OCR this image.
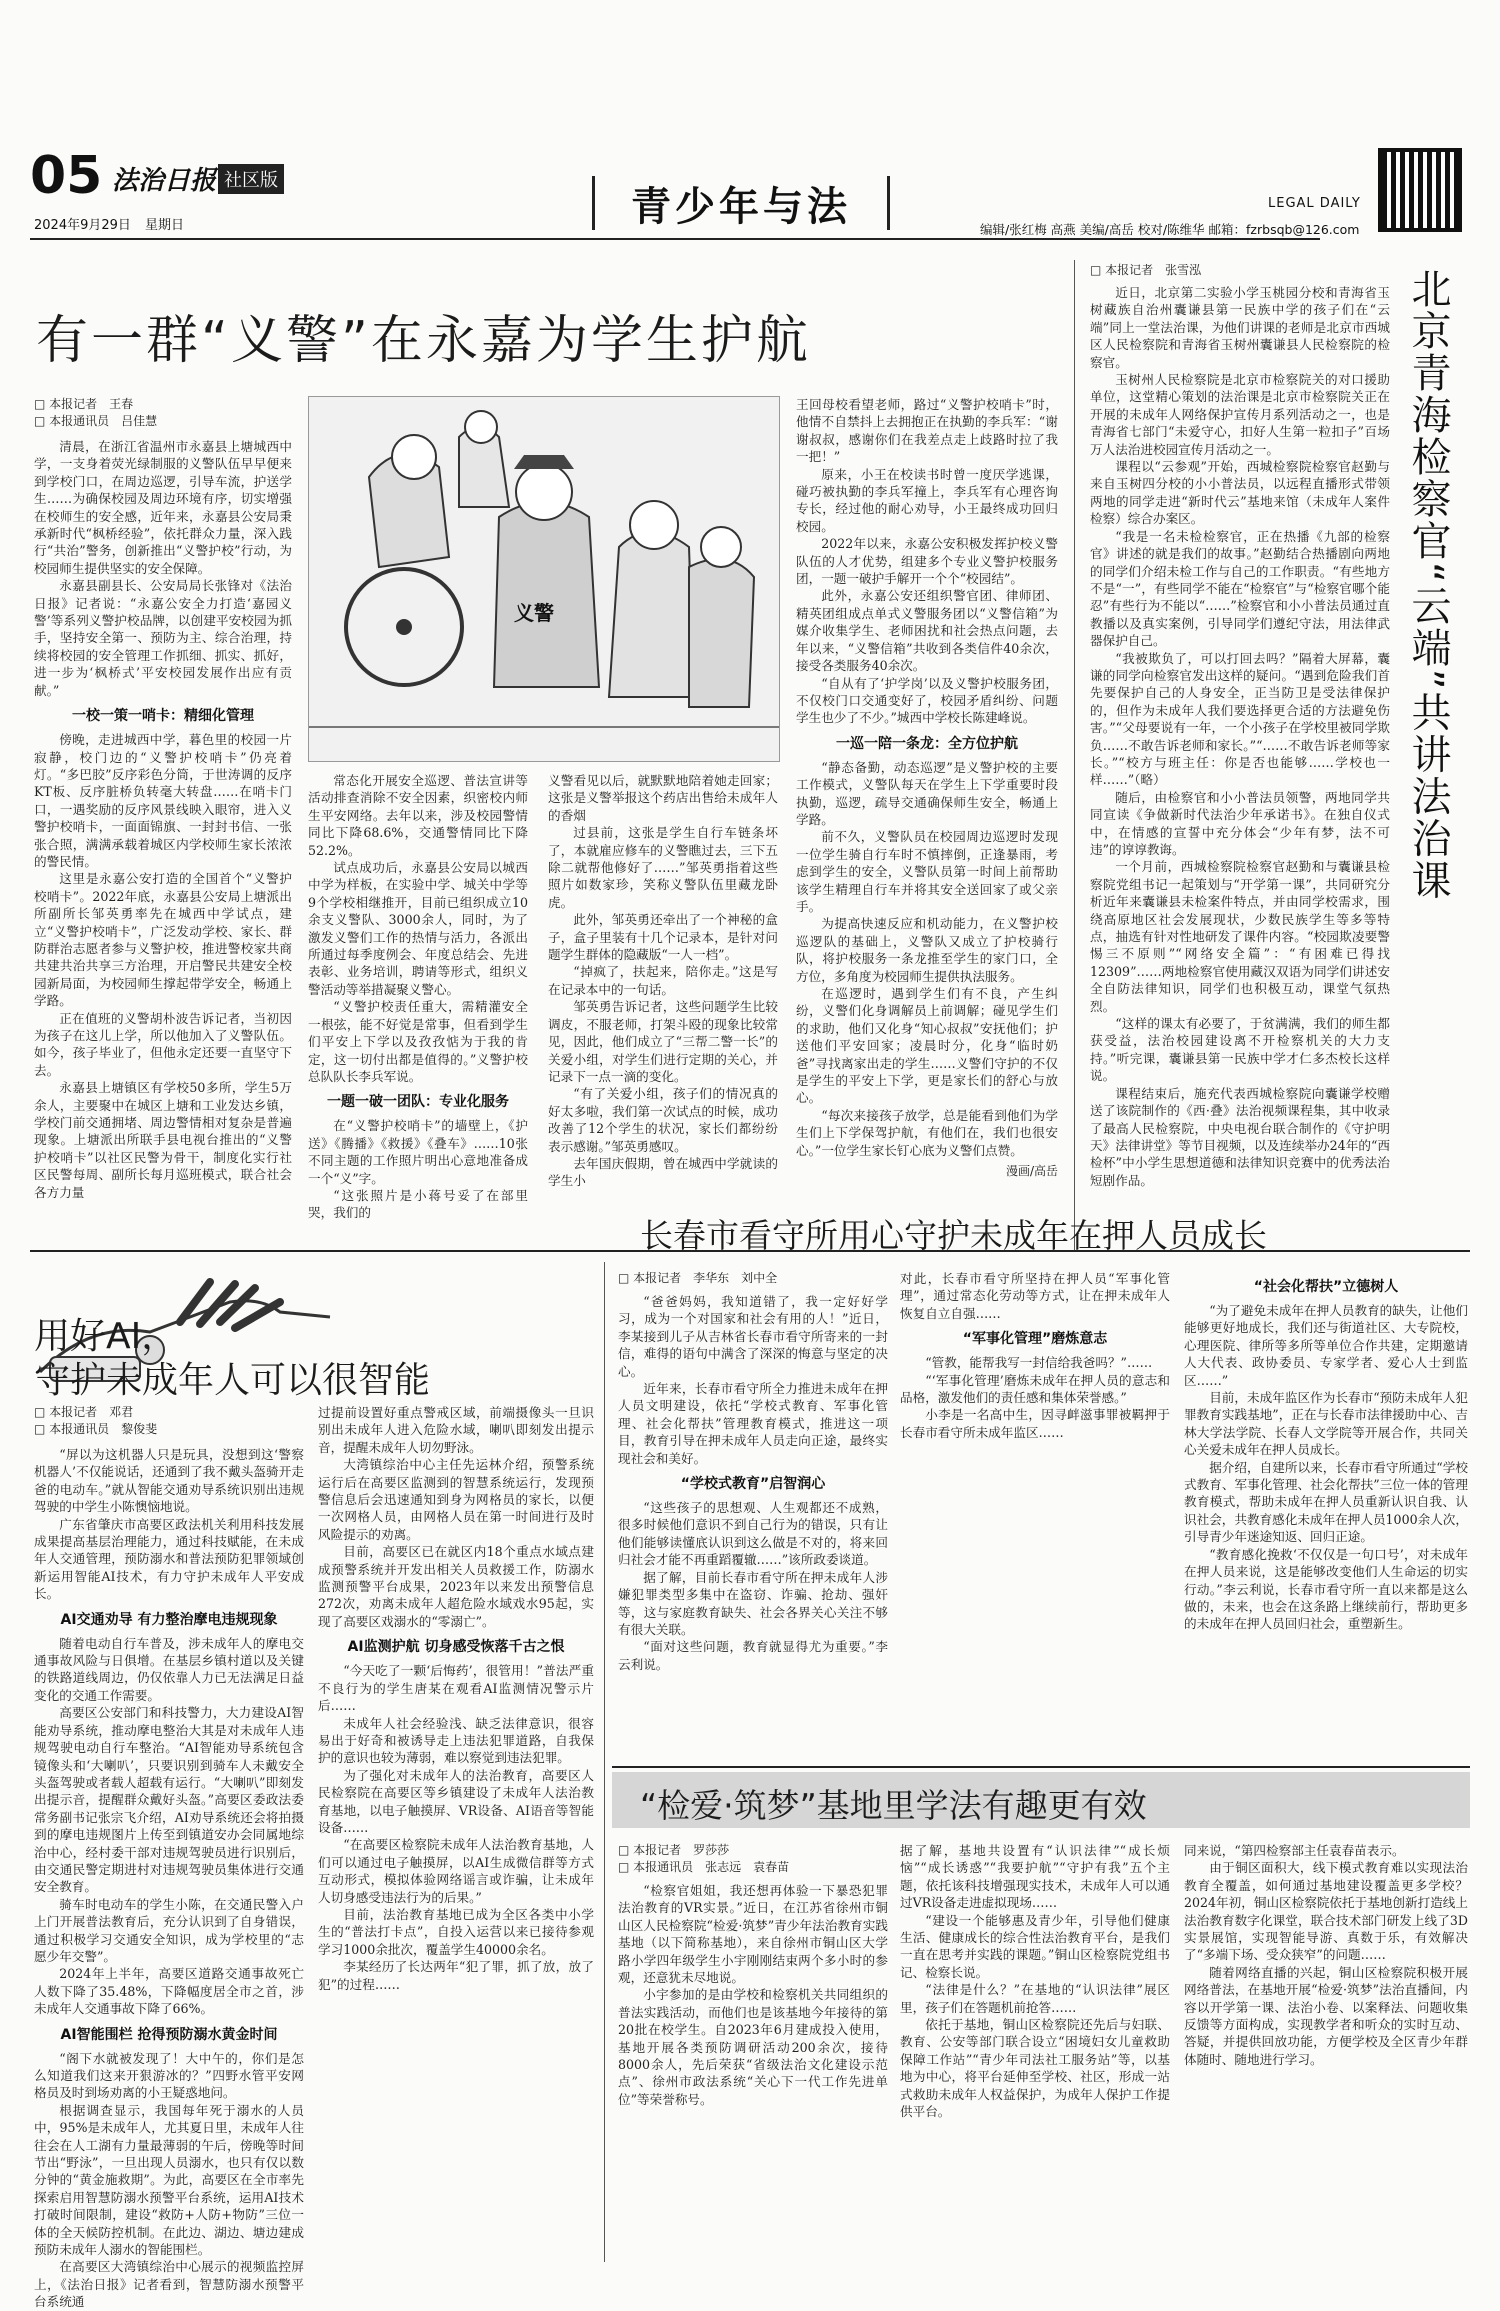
05 法治日报 社区版
2024年9月29日 星期日	青少年与法	LEGAL DAILY
编辑/张红梅 高燕 美编/高岳 校对/陈维华 邮箱：fzrbsqb@126.com
有一群“义警”在永嘉为学生护航
□ 本报记者　王春
□ 本报通讯员　吕佳慧

清晨，在浙江省温州市永嘉县上塘城西中学，一支身着荧光绿制服的义警队伍早早便来到学校门口，在周边巡逻，引导车流，护送学生……为确保校园及周边环境有序，切实增强在校师生的安全感，近年来，永嘉县公安局秉承新时代“枫桥经验”，依托群众力量，深入践行“共治”警务，创新推出“义警护校”行动，为校园师生提供坚实的安全保障。

永嘉县副县长、公安局局长张锋对《法治日报》记者说：“永嘉公安全力打造‘嘉园义警’等系列义警护校品牌，以创建平安校园为抓手，坚持安全第一、预防为主、综合治理，持续将校园的安全管理工作抓细、抓实、抓好，进一步为‘枫桥式’平安校园发展作出应有贡献。”

一校一策一哨卡：精细化管理

傍晚，走进城西中学，暮色里的校园一片寂静，校门边的“义警护校哨卡”仍亮着灯。“多巴胶”反序彩色分筒，于世涛调的反序KT板、反序脏桥负转毫大转盘……在哨卡门口，一遇奖励的反序风景线映入眼帘，进入义警护校哨卡，一面面锦旗、一封封书信、一张张合照，满满承载着城区内学校师生家长浓浓的警民情。

这里是永嘉公安打造的全国首个“义警护校哨卡”。2022年底，永嘉县公安局上塘派出所副所长邹英勇率先在城西中学试点，建立“义警护校哨卡”，广泛发动学校、家长、群防群治志愿者参与义警护校，推进警校家共商共建共治共享三方治理，开启警民共建安全校园新局面，为校园师生撑起带学安全，畅通上学路。

正在值班的义警胡朴波告诉记者，当初因为孩子在这儿上学，所以他加入了义警队伍。如今，孩子毕业了，但他永定还要一直坚守下去。

永嘉县上塘镇区有学校50多所，学生5万余人，主要聚中在城区上塘和工业发达乡镇，学校门前交通拥堵、周边警情相对复杂是普遍现象。上塘派出所联手县电视台推出的“义警护校哨卡”以社区民警为骨干，制度化实行社区民警每周、副所长每月巡班模式，联合社会各方力量

义警

常态化开展安全巡逻、普法宣讲等活动排查消除不安全因素，织密校内师生平安网络。去年以来，涉及校园警情同比下降68.6%，交通警情同比下降52.2%。

试点成功后，永嘉县公安局以城西中学为样板，在实验中学、城关中学等9个学校相继推开，目前已组织成立10余支义警队、3000余人，同时，为了激发义警们工作的热情与活力，各派出所通过每季度例会、年度总结会、先进表彰、业务培训，聘请等形式，组织义警活动等举措凝聚义警心。

“义警护校责任重大，需精灌安全一根弦，能不好觉是常事，但看到学生们平安上下学以及孜孜惦为于我的肯定，这一切付出都是值得的。”义警护校总队队长李兵军说。

一题一破一团队：专业化服务

在“义警护校哨卡”的墙壁上，《护送》《腾播》《救援》《叠车》……10张不同主题的工作照片明出心意地准备成一个“义”字。

“这张照片是小蒋号妥了在部里哭，我们的

义警看见以后，就默默地陪着她走回家；这张是义警举报这个药店出售给未成年人的香烟

过县前，这张是学生自行车链条坏了，本就雇应修车的义警瞧过去，三下五除二就帮他修好了……”邹英勇指着这些照片如数家珍，笑称义警队伍里藏龙卧虎。

此外，邹英勇还牵出了一个神秘的盒子，盒子里装有十几个记录本，是针对问题学生群体的隐藏版“一人一档”。

“掉疯了，扶起来，陪你走。”这是写在记录本中的一句话。

邹英勇告诉记者，这些问题学生比较调皮，不服老师，打架斗殴的现象比较常见，因此，他们成立了“三帮二警一长”的关爱小组，对学生们进行定期的关心，并记录下一点一滴的变化。

“有了关爱小组，孩子们的情况真的好太多啦，我们第一次试点的时候，成功改善了12个学生的状况，家长们都纷纷表示感谢。”邹英勇感叹。

去年国庆假期，曾在城西中学就读的学生小

王回母校看望老师，路过“义警护校哨卡”时，他情不自禁抖上去拥抱正在执勤的李兵军：“谢谢叔叔，感谢你们在我差点走上歧路时拉了我一把！”

原来，小王在校读书时曾一度厌学逃课，碰巧被执勤的李兵军撞上，李兵军有心理咨询专长，经过他的耐心劝导，小王最终成功回归校园。

2022年以来，永嘉公安积极发挥护校义警队伍的人才优势，组建多个专业义警护校服务团，一题一破护手解开一个个“校园结”。

此外，永嘉公安还组织警官团、律师团、精英团组成点单式义警服务团以“义警信箱”为媒介收集学生、老师困扰和社会热点问题，去年以来，“义警信箱”共收到各类信件40余次，接受各类服务40余次。

“自从有了‘护学岗’以及义警护校服务团，不仅校门口交通变好了，校园矛盾纠纷、问题学生也少了不少。”城西中学校长陈建峰说。

一巡一陪一条龙：全方位护航

“静态备勤，动态巡逻”是义警护校的主要工作模式，义警队每天在学生上下学重要时段执勤，巡逻，疏导交通确保师生安全，畅通上学路。

前不久，义警队员在校园周边巡逻时发现一位学生骑自行车时不慎摔倒，正逢暴雨，考虑到学生的安全，义警队员第一时间上前帮助该学生精理自行车并将其安全送回家了或父亲手。

为提高快速反应和机动能力，在义警护校巡逻队的基础上，义警队又成立了护校骑行队，将护校服务一条龙推至学生的家门口，全方位，多角度为校园师生提供执法服务。

在巡逻时，遇到学生们有不良，产生纠纷，义警们化身调解员上前调解；碰见学生们的求助，他们又化身“知心叔叔”安抚他们；护送他们平安回家；凌晨时分，化身“临时奶爸”寻找离家出走的学生……义警们守护的不仅是学生的平安上下学，更是家长们的舒心与放心。

“每次来接孩子放学，总是能看到他们为学生们上下学保驾护航，有他们在，我们也很安心。”一位学生家长钉心底为义警们点赞。

漫画/高岳
□ 本报记者　张雪泓

近日，北京第二实验小学玉桃园分校和青海省玉树藏族自治州囊谦县第一民族中学的孩子们在“云端”同上一堂法治课，为他们讲课的老师是北京市西城区人民检察院和青海省玉树州囊谦县人民检察院的检察官。

玉树州人民检察院是北京市检察院关的对口援助单位，这堂精心策划的法治课是北京市检察院关正在开展的未成年人网络保护宣传月系列活动之一，也是青海省七部门“未爱守心，扣好人生第一粒扣子”百场万人法治进校园宣传月活动之一。

课程以“云参观”开始，西城检察院检察官赵勤与来自玉树四分校的小小普法员，以远程直播形式带领两地的同学走进“新时代云”基地来馆（未成年人案件检察）综合办案区。

“我是一名未检检察官，正在热播《九部的检察官》讲述的就是我们的故事。”赵勤结合热播剧向两地的同学们介绍未检工作与自己的工作职责。“有些地方不是“一”，有些同学不能在“检察官”与“检察官哪个能忍”有些行为不能以“……”检察官和小小普法员通过直教播以及真实案例，引导同学们遵纪守法，用法律武器保护自己。

“我被欺负了，可以打回去吗？”隔着大屏幕，囊谦的同学向检察官发出这样的疑问。“遇到危险我们首先要保护自己的人身安全，正当防卫是受法律保护的，但作为未成年人我们要选择更合适的方法避免伤害。”“父母要说有一年，一个小孩子在学校里被同学欺负……不敢告诉老师和家长。”“……不敢告诉老师等家长。”“校方与班主任：你是否也能够……学校也一样……”（略）

随后，由检察官和小小普法员领警，两地同学共同宣读《争做新时代法治少年承诺书》。在独自仪式中，在情感的宣誓中充分体会“少年有梦，法不可违”的谆谆教诲。

一个月前，西城检察院检察官赵勤和与囊谦县检察院党组书记一起策划与“开学第一课”，共同研究分析近年来囊谦县未检案件特点，并由同学校需求，围绕高原地区社会发展现状，少数民族学生等多等特点，抽选有针对性地研发了课件内容。“校园欺凌要警惕三不原则”“网络安全篇”：“有困难已得找12309”……两地检察官使用藏汉双语为同学们讲述安全自防法律知识，同学们也积极互动，课堂气氛热烈。

“这样的课太有必要了，于贫满满，我们的师生都获受益，法治校园建设离不开检察机关的大力支持。”听完课，囊谦县第一民族中学才仁多杰校长这样说。

课程结束后，施充代表西城检察院向囊谦学校赠送了该院制作的《西·叠》法治视频课程集，其中收录了最高人民检察院，中央电视台联合制作的《守护明天》法律讲堂》等节目视频，以及连续举办24年的“西检杯”中小学生思想道德和法律知识竞赛中的优秀法治短剧作品。

北京青海检察官“云端”共讲法治课
用好AI，
守护未成年人可以很智能
□ 本报记者　邓君
□ 本报通讯员　黎俊斐

“屏以为这机器人只是玩具，没想到这‘警察机器人’不仅能说话，还通到了我不戴头盔骑开走爸的电动车。”就从智能交通劝导系统识别出违规驾驶的中学生小陈懊恼地说。

广东省肇庆市高要区政法机关利用科技发展成果提高基层治理能力，通过科技赋能，在未成年人交通管理，预防溺水和普法预防犯罪领域创新运用智能AI技术，有力守护未成年人平安成长。

AI交通劝导 有力整治摩电违规现象

随着电动自行车普及，涉未成年人的摩电交通事故风险与日俱增。在基层乡镇村道以及关键的铁路道线周边，仍仅依靠人力已无法满足日益变化的交通工作需要。

高要区公安部门和科技警力，大力建设AI智能劝导系统，推动摩电整治大其是对未成年人违规驾驶电动自行车整治。“AI智能劝导系统包含镜像头和‘大喇叭’，只要识别到骑车人未戴安全头盔驾驶或者载人超载有运行。“大喇叭”即刻发出提示音，提醒群众戴好头盔。”高要区委政法委常务副书记张宗飞介绍，AI劝导系统还会将拍摄到的摩电违规图片上传至到镇道安办会同属地综治中心，经村委干部对违规驾驶员进行识别后，由交通民警定期进村对违规驾驶员集体进行交通安全教育。

骑车时电动车的学生小陈，在交通民警入户上门开展普法教育后，充分认识到了自身错误，通过积极学习交通安全知识，成为学校里的“志愿少年交警”。

2024年上半年，高要区道路交通事故死亡人数下降了35.48%，下降幅度居全市之首，涉未成年人交通事故下降了66%。

AI智能围栏 抢得预防溺水黄金时间

“阁下水就被发现了！大中午的，你们是怎么知道我们这来开狠游冰的？”四野水管平安网格员及时到场劝离的小王疑惑地问。

根据调查显示，我国每年死于溺水的人员中，95%是未成年人，尤其夏日里，未成年人往往会在人工湖有力量最薄弱的午后，傍晚等时间节出“野泳”，一旦出现人员溺水，也只有仅以数分钟的“黄金施救期”。为此，高要区在全市率先探索启用智慧防溺水预警平台系统，运用AI技术打破时间限制，建设“救防+人防+物防”三位一体的全天候防控机制。在此边、湖边、塘边建成预防未成年人溺水的智能围栏。

在高要区大湾镇综治中心展示的视频监控屏上，《法治日报》记者看到，智慧防溺水预警平台系统通

过提前设置好重点警戒区域，前端摄像头一旦识别出未成年人进入危险水域，喇叭即刻发出提示音，提醒未成年人切勿野泳。

大湾镇综治中心主任先运林介绍，预警系统运行后在高要区监测到的智慧系统运行，发现预警信息后会迅速通知到身为网格员的家长，以便一次网格人员，由网格人员在第一时间进行及时风险提示的劝离。

目前，高要区已在就区内18个重点水域点建成预警系统并开发出相关人员救援工作，防溺水监测预警平台成果，2023年以来发出预警信息272次，劝离未成年人超危险水域戏水95起，实现了高要区戏溺水的“零溺亡”。

AI监测护航 切身感受恢落千古之恨

“今天吃了一颗‘后悔药’，很管用！”普法严重不良行为的学生唐某在观看AI监测情况警示片后……

未成年人社会经验浅、缺乏法律意识，很容易出于好奇和被诱导走上违法犯罪道路，自我保护的意识也较为薄弱，难以察觉到违法犯罪。

为了强化对未成年人的法治教育，高要区人民检察院在高要区等乡镇建设了未成年人法治教育基地，以电子触摸屏、VR设备、AI语音等智能设备……

“在高要区检察院未成年人法治教育基地，人们可以通过电子触摸屏，以AI生成微信群等方式互动形式，模拟体验网络谣言或诈骗，让未成年人切身感受违法行为的后果。”

目前，法治教育基地已成为全区各类中小学生的“普法打卡点”，自投入运营以来已接待参观学习1000余批次，覆盖学生40000余名。

李某经历了长达两年“犯了罪，抓了放，放了犯”的过程……

长春市看守所用心守护未成年在押人员成长
□ 本报记者　李华东　刘中全

“爸爸妈妈，我知道错了，我一定好好学习，成为一个对国家和社会有用的人！”近日，李某接到儿子从吉林省长春市看守所寄来的一封信，难得的语句中满含了深深的悔意与坚定的决心。

近年来，长春市看守所全力推进未成年在押人员文明建设，依托“学校式教育、军事化管理、社会化帮扶”管理教育模式，推进这一项目，教育引导在押未成年人员走向正途，最终实现社会和美好。

“学校式教育”启智润心

“这些孩子的思想观、人生观都还不成熟，很多时候他们意识不到自己行为的错误，只有让他们能够读懂底认识到这么做是不对的，将来回归社会才能不再重蹈覆辙……”该所政委谈道。

据了解，目前长春市看守所在押未成年人涉嫌犯罪类型多集中在盗窃、诈骗、抢劫、强奸等，这与家庭教育缺失、社会各界关心关注不够有很大关联。

“面对这些问题，教育就显得尤为重要。”李云利说。

对此，长春市看守所坚持在押人员“军事化管理”，通过常态化劳动等方式，让在押未成年人恢复自立自强……

“军事化管理”磨炼意志

“管教，能帮我写一封信给我爸吗？”……

“‘军事化管理’磨炼未成年在押人员的意志和品格，激发他们的责任感和集体荣誉感。”

小李是一名高中生，因寻衅滋事罪被羁押于长春市看守所未成年监区……

“社会化帮扶”立德树人

“为了避免未成年在押人员教育的缺失，让他们能够更好地成长，我们还与街道社区、大专院校，心理医院、律所等多所等单位合作共建，定期邀请人大代表、政协委员、专家学者、爱心人士到监区……”

目前，未成年监区作为长春市“预防未成年人犯罪教育实践基地”，正在与长春市法律援助中心、吉林大学法学院、长春人文学院等开展合作，共同关心关爱未成年在押人员成长。

据介绍，自建所以来，长春市看守所通过“学校式教育、军事化管理、社会化帮扶”三位一体的管理教育模式，帮助未成年在押人员重新认识自我、认识社会，共教育感化未成年在押人员1000余人次，引导青少年迷途知返、回归正途。

“教育感化挽救‘不仅仅是一句口号’，对未成年在押人员来说，这是能够改变他们人生命运的切实行动。”李云利说，长春市看守所一直以来都是这么做的，未来，也会在这条路上继续前行，帮助更多的未成年在押人员回归社会，重塑新生。

“检爱·筑梦”基地里学法有趣更有效
□ 本报记者　罗莎莎
□ 本报通讯员　张志远　袁春苗

“检察官姐姐，我还想再体验一下暴恐犯罪法治教育的VR实景。”近日，在江苏省徐州市铜山区人民检察院“检爱·筑梦”青少年法治教育实践基地（以下简称基地），来自徐州市铜山区大学路小学四年级学生小宇刚刚结束两个多小时的参观，还意犹未尽地说。

小宇参加的是由学校和检察机关共同组织的普法实践活动，而他们也是该基地今年接待的第20批在校学生。自2023年6月建成投入使用，基地开展各类预防调研活动200余次，接待8000余人，先后荣获“省级法治文化建设示范点”、徐州市政法系统“关心下一代工作先进单位”等荣誉称号。

据了解，基地共设置有“认识法律”“成长烦恼”“成长诱惑”“我要护航”“守护有我”五个主题，依托该科技增强现实技术，未成年人可以通过VR设备走进虚拟现场……

“建设一个能够惠及青少年，引导他们健康生活、健康成长的综合性法治教育平台，是我们一直在思考并实践的课题。”铜山区检察院党组书记、检察长说。

“法律是什么？”在基地的“认识法律”展区里，孩子们在答题机前抢答……

依托于基地，铜山区检察院还先后与妇联、教育、公安等部门联合设立“困境妇女儿童救助保障工作站”“青少年司法社工服务站”等，以基地为中心，将平台延伸至学校、社区，形成一站式救助未成年人权益保护，为成年人保护工作提供平台。

同来说，“第四检察部主任袁春苗表示。

由于铜区面积大，线下模式教育难以实现法治教育全覆盖，如何通过基地建设覆盖更多学校？2024年初，铜山区检察院依托于基地创新打造线上法治教育数字化课堂，联合技术部门研发上线了3D实景展馆，实现智能导游、真数于乐，有效解决了“多端下场、受众狭窄”的问题……

随着网络直播的兴起，铜山区检察院积极开展网络普法，在基地开展“检爱·筑梦”法治直播间，内容以开学第一课、法治小卷、以案释法、问题收集反馈等方面构成，实现教学者和听众的实时互动、答疑，并提供回放功能，方便学校及全区青少年群体随时、随地进行学习。
